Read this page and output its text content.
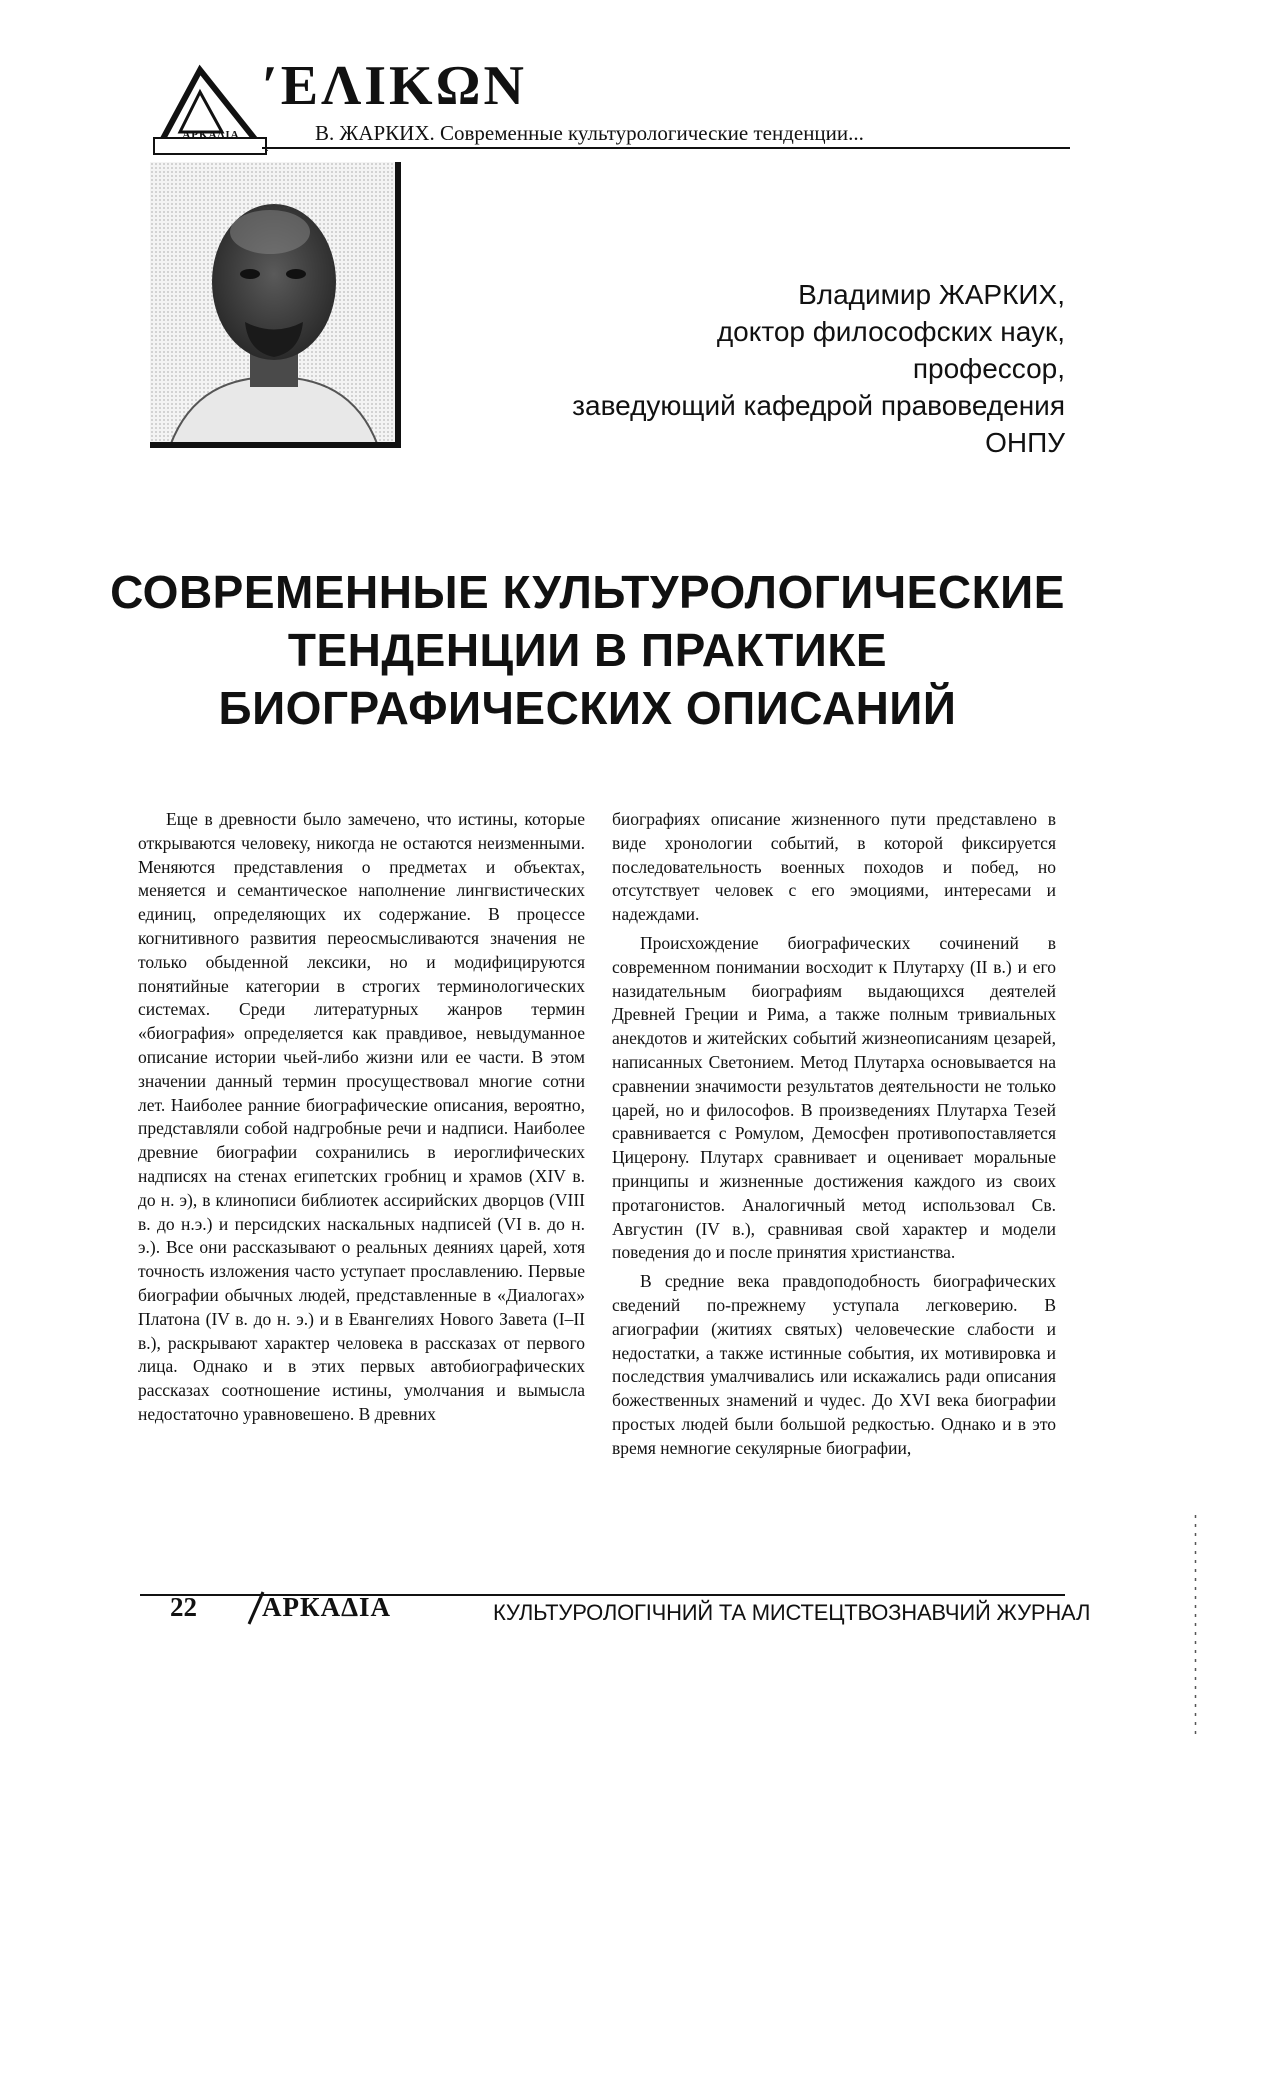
ΑΡΚΑΔΙΑ
ʹΕΛΙΚΩΝ
В. ЖАРКИХ. Современные культурологические тенденции...
Владимир ЖАРКИХ,
доктор философских наук,
профессор,
заведующий кафедрой правоведения
ОНПУ
СОВРЕМЕННЫЕ КУЛЬТУРОЛОГИЧЕСКИЕ
ТЕНДЕНЦИИ В ПРАКТИКЕ
БИОГРАФИЧЕСКИХ ОПИСАНИЙ

Еще в древности было замечено, что истины, которые открываются человеку, никогда не остаются неизменными. Меняются представления о предметах и объектах, меняется и семантическое наполнение лингвистических единиц, определяющих их содержание. В процессе когнитивного развития переосмысливаются значения не только обыденной лексики, но и модифицируются понятийные категории в строгих терминологических системах. Среди литературных жанров термин «биография» определяется как правдивое, невыдуманное описание истории чьей-либо жизни или ее части. В этом значении данный термин просуществовал многие сотни лет. Наиболее ранние биографические описания, вероятно, представляли собой надгробные речи и надписи. Наиболее древние биографии сохранились в иероглифических надписях на стенах египетских гробниц и храмов (XIV в. до н. э), в клинописи библиотек ассирийских дворцов (VIII в. до н.э.) и персидских наскальных надписей (VI в. до н. э.). Все они рассказывают о реальных деяниях царей, хотя точность изложения часто уступает прославлению. Первые биографии обычных людей, представленные в «Диалогах» Платона (IV в. до н. э.) и в Евангелиях Нового Завета (I–II в.), раскрывают характер человека в рассказах от первого лица. Однако и в этих первых автобиографических рассказах соотношение истины, умолчания и вымысла недостаточно уравновешено. В древних

биографиях описание жизненного пути представлено в виде хронологии событий, в которой фиксируется последовательность военных походов и побед, но отсутствует человек с его эмоциями, интересами и надеждами.

Происхождение биографических сочинений в современном понимании восходит к Плутарху (II в.) и его назидательным биографиям выдающихся деятелей Древней Греции и Рима, а также полным тривиальных анекдотов и житейских событий жизнеописаниям цезарей, написанных Светонием. Метод Плутарха основывается на сравнении значимости результатов деятельности не только царей, но и философов. В произведениях Плутарха Тезей сравнивается с Ромулом, Демосфен противопоставляется Цицерону. Плутарх сравнивает и оценивает моральные принципы и жизненные достижения каждого из своих протагонистов. Аналогичный метод использовал Св. Августин (IV в.), сравнивая свой характер и модели поведения до и после принятия христианства.

В средние века правдоподобность биографических сведений по-прежнему уступала легковерию. В агиографии (житиях святых) человеческие слабости и недостатки, а также истинные события, их мотивировка и последствия умалчивались или искажались ради описания божественных знамений и чудес. До XVI века биографии простых людей были большой редкостью. Однако и в это время немногие секулярные биографии,

22 АРКАΔІА	КУЛЬТУРОЛОГІЧНИЙ ТА МИСТЕЦТВОЗНАВЧИЙ ЖУРНАЛ
